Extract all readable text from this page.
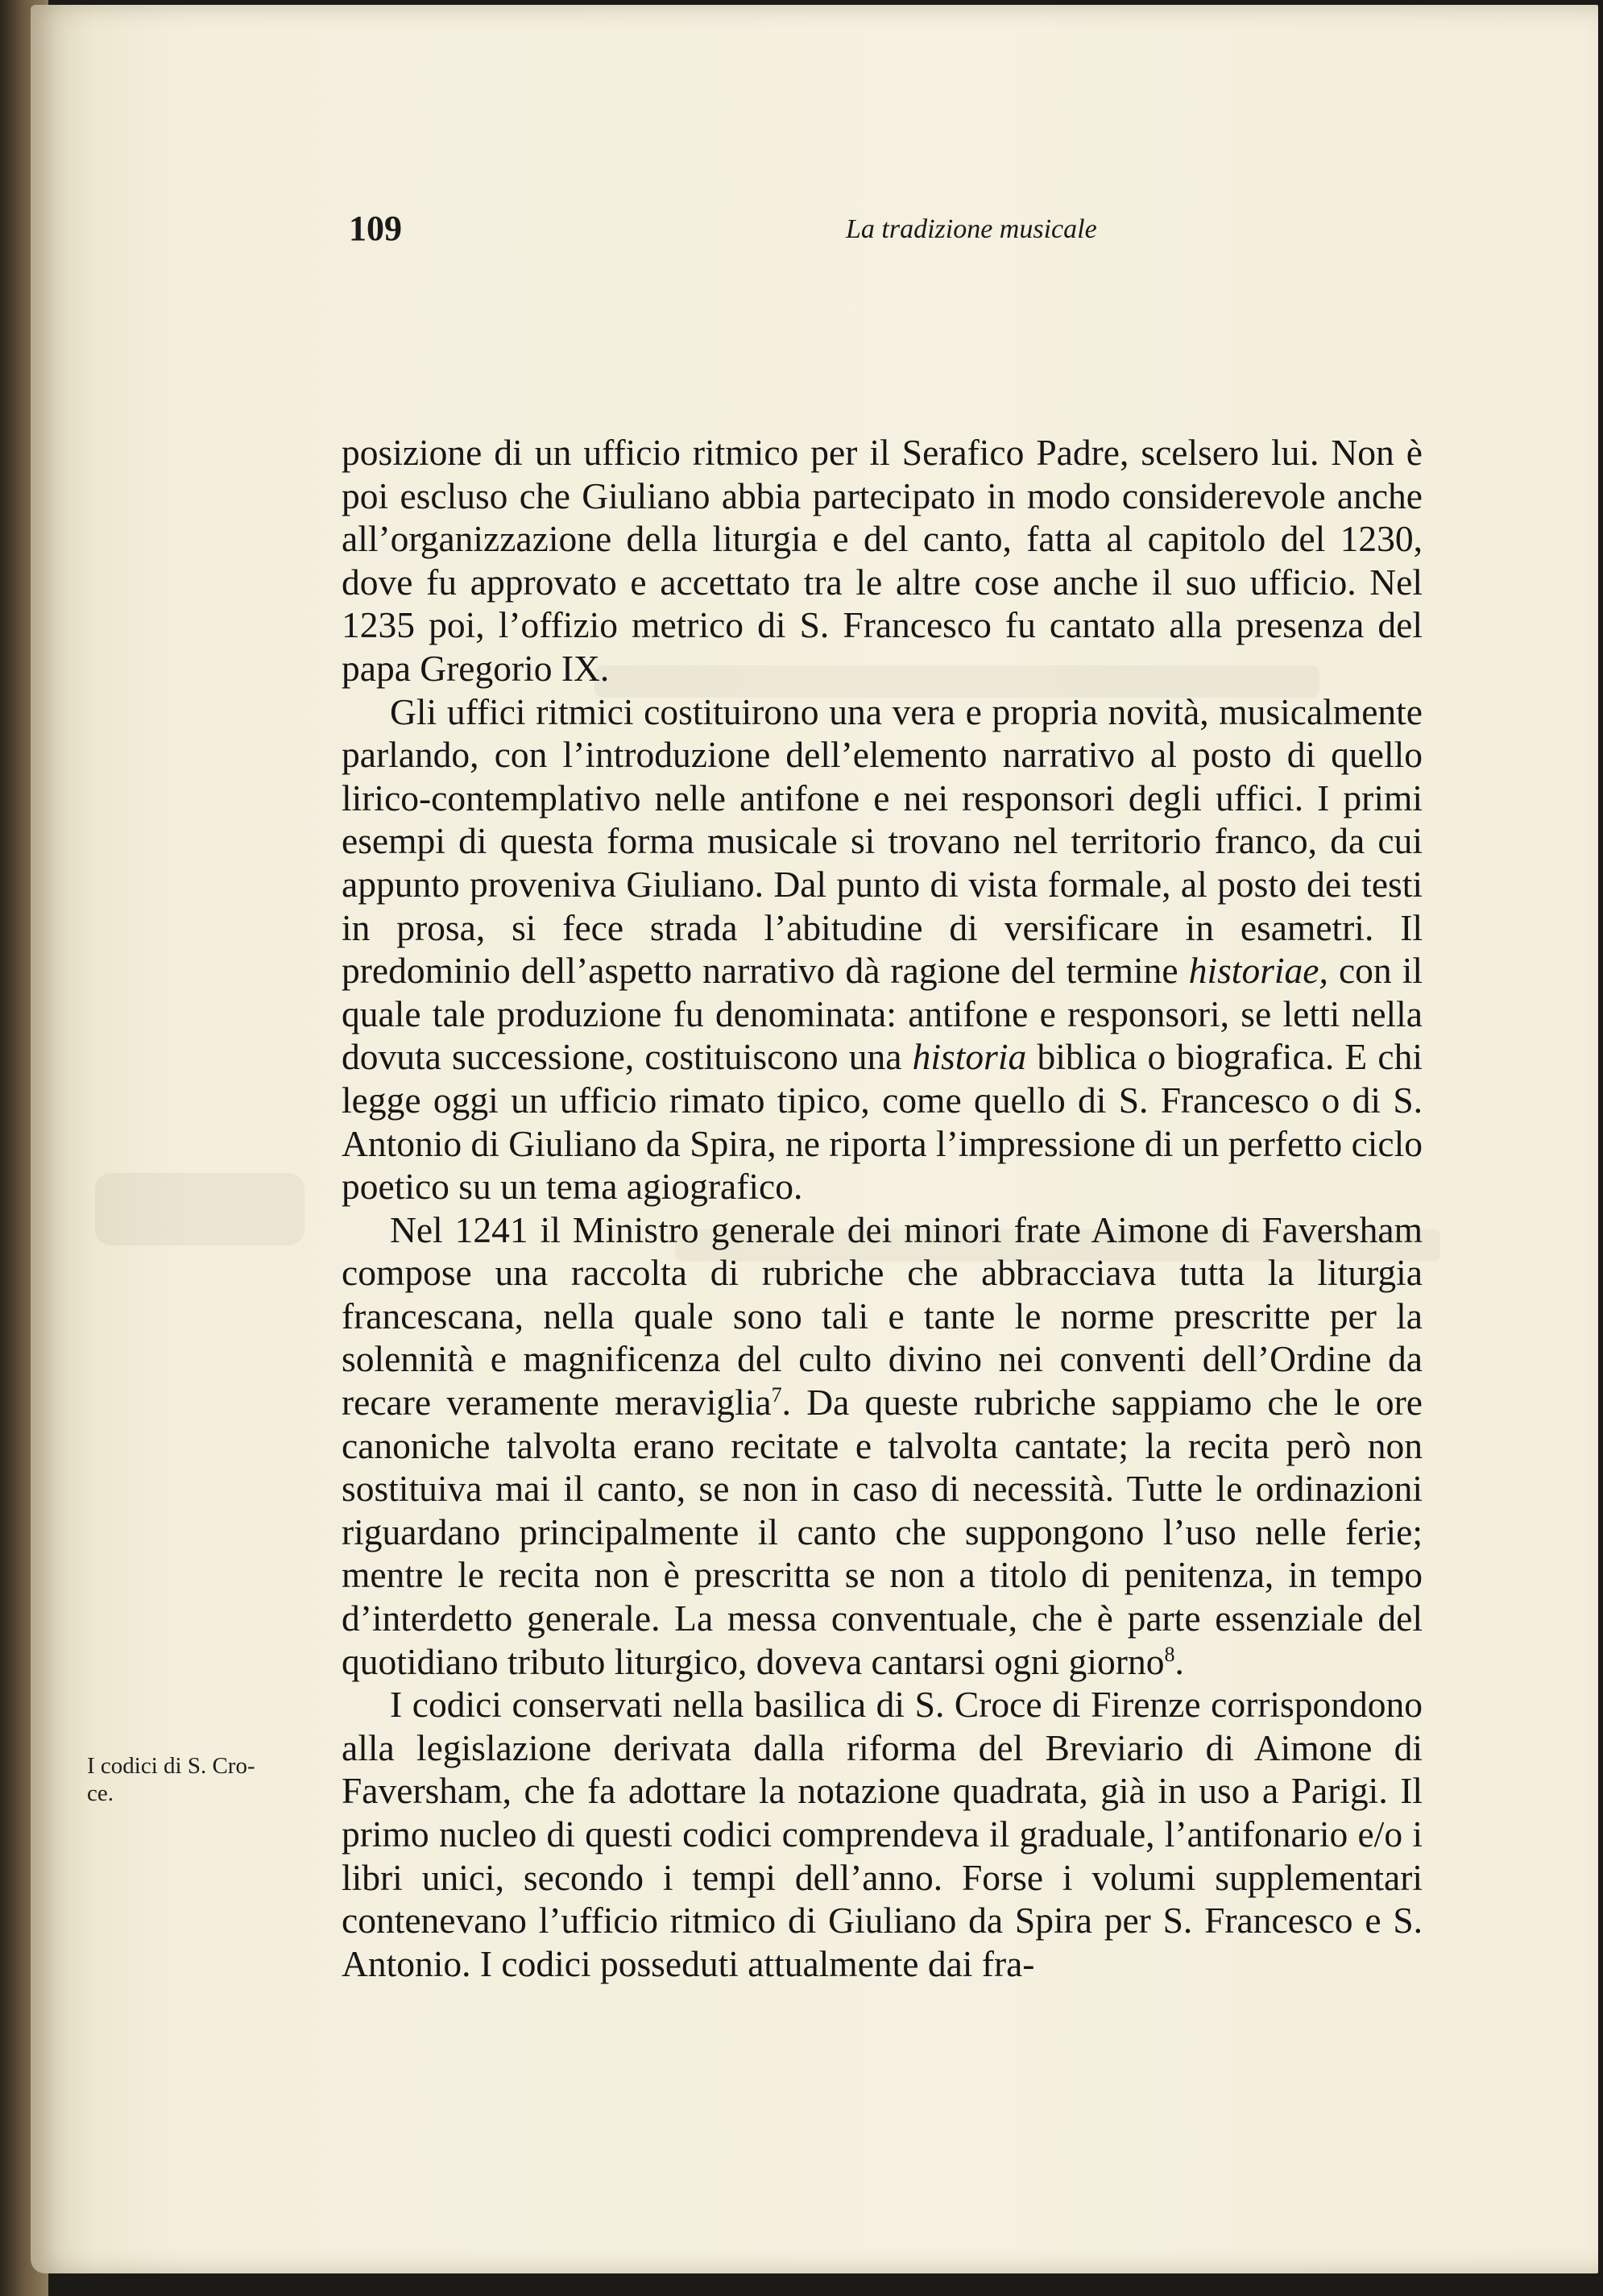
109	La tradizione musicale
I codici di S. Cro-
ce.

posizione di un ufficio ritmico per il Serafico Padre, scelsero lui. Non è poi escluso che Giuliano abbia partecipato in modo considerevole anche all’organizzazione della liturgia e del canto, fatta al capitolo del 1230, dove fu approvato e accettato tra le altre cose anche il suo ufficio. Nel 1235 poi, l’offizio metrico di S. Francesco fu cantato alla presenza del papa Gregorio IX.

Gli uffici ritmici costituirono una vera e propria novità, musicalmente parlando, con l’introduzione dell’elemento narrativo al posto di quello lirico-contemplativo nelle antifone e nei responsori degli uffici. I primi esempi di questa forma musicale si trovano nel territorio franco, da cui appunto proveniva Giuliano. Dal punto di vista formale, al posto dei testi in prosa, si fece strada l’abitudine di versificare in esametri. Il predominio dell’aspetto narrativo dà ragione del termine historiae, con il quale tale produzione fu denominata: antifone e responsori, se letti nella dovuta successione, costituiscono una historia biblica o biografica. E chi legge oggi un ufficio rimato tipico, come quello di S. Francesco o di S. Antonio di Giuliano da Spira, ne riporta l’impressione di un perfetto ciclo poetico su un tema agiografico.

Nel 1241 il Ministro generale dei minori frate Aimone di Faversham compose una raccolta di rubriche che abbracciava tutta la liturgia francescana, nella quale sono tali e tante le norme prescritte per la solennità e magnificenza del culto divino nei conventi dell’Ordine da recare veramente meraviglia$^7$. Da queste rubriche sappiamo che le ore canoniche talvolta erano recitate e talvolta cantate; la recita però non sostituiva mai il canto, se non in caso di necessità. Tutte le ordinazioni riguardano principalmente il canto che suppongono l’uso nelle ferie; mentre le recita non è prescritta se non a titolo di penitenza, in tempo d’interdetto generale. La messa conventuale, che è parte essenziale del quotidiano tributo liturgico, doveva cantarsi ogni giorno$^8$.

I codici conservati nella basilica di S. Croce di Firenze corrispondono alla legislazione derivata dalla riforma del Breviario di Aimone di Faversham, che fa adottare la notazione quadrata, già in uso a Parigi. Il primo nucleo di questi codici comprendeva il graduale, l’antifonario e/o i libri unici, secondo i tempi dell’anno. Forse i volumi supplementari contenevano l’ufficio ritmico di Giuliano da Spira per S. Francesco e S. Antonio. I codici posseduti attualmente dai fra-
